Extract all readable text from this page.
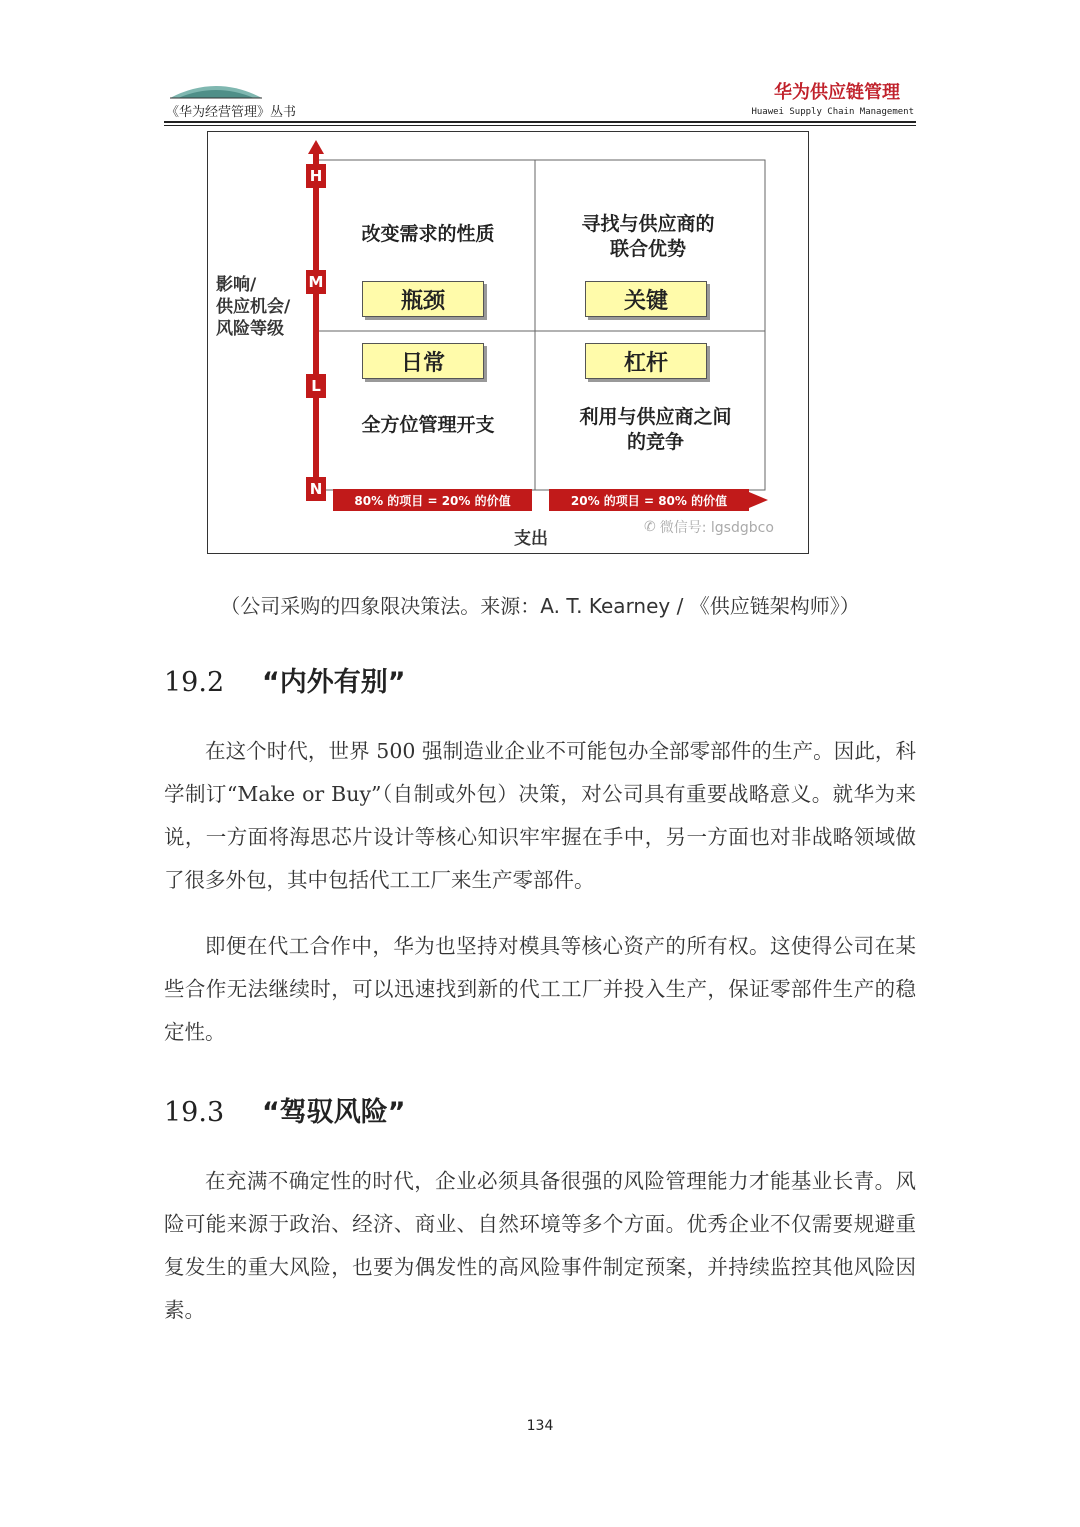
《华为经营管理》丛书
华为供应链管理
Huawei Supply Chain Management
H
M
L
N
影响/
供应机会/
风险等级
改变需求的性质
瓶颈
寻找与供应商的
联合优势
关键
日常
全方位管理开支
杠杆
利用与供应商之间
的竞争
80% 的项目 = 20% 的价值	20% 的项目 = 80% 的价值
支出
✆ 微信号: lgsdgbco
（公司采购的四象限决策法。来源：A. T. Kearney / 《供应链架构师》）
19.2 “内外有别”
在这个时代，世界 500 强制造业企业不可能包办全部零部件的生产。因此，科学制订“Make or Buy”（自制或外包）决策，对公司具有重要战略意义。就华为来说，一方面将海思芯片设计等核心知识牢牢握在手中，另一方面也对非战略领域做了很多外包，其中包括代工工厂来生产零部件。
即便在代工合作中，华为也坚持对模具等核心资产的所有权。这使得公司在某些合作无法继续时，可以迅速找到新的代工工厂并投入生产，保证零部件生产的稳定性。
19.3 “驾驭风险”
在充满不确定性的时代，企业必须具备很强的风险管理能力才能基业长青。风险可能来源于政治、经济、商业、自然环境等多个方面。优秀企业不仅需要规避重复发生的重大风险，也要为偶发性的高风险事件制定预案，并持续监控其他风险因素。
134
